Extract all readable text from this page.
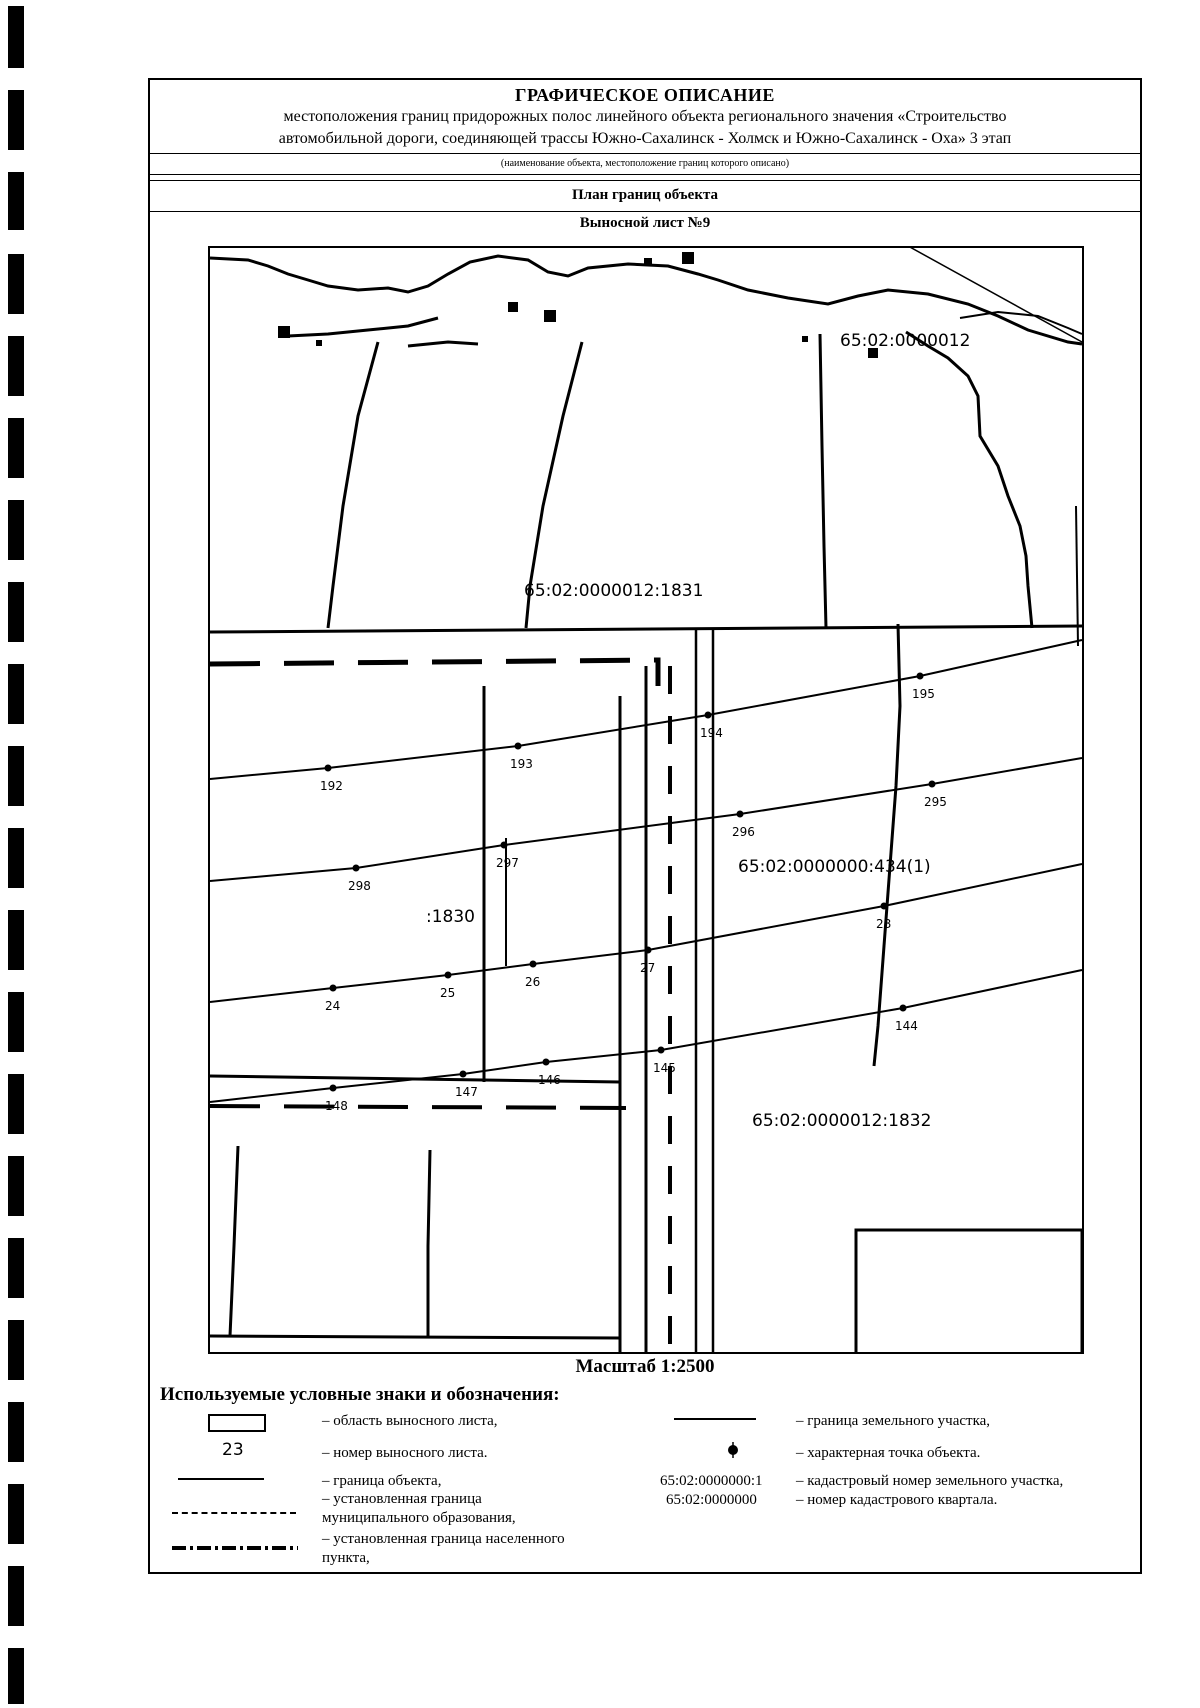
ГРАФИЧЕСКОЕ ОПИСАНИЕ
местоположения границ придорожных полос линейного объекта регионального значения «Строительство
автомобильной дороги, соединяющей трассы Южно-Сахалинск - Холмск и Южно-Сахалинск - Оха» 3 этап
(наименование объекта, местоположение границ которого описано)
План границ объекта
Выносной лист №9
192
193
194
195
298
297
296
295
24
25
26
27
28
148
147
146
145
144
65:02:0000012
65:02:0000012:1831
65:02:0000000:434(1)
:1830
65:02:0000012:1832
Масштаб 1:2500
Используемые условные знаки и обозначения:
– область выносного листа,
23	– номер выносного листа.
– граница объекта,
– установленная граница
муниципального образования,
– установленная граница населенного
пункта,
– граница земельного участка,
– характерная точка объекта.
65:02:0000000:1 – кадастровый номер земельного участка,
65:02:0000000	– номер кадастрового квартала.
